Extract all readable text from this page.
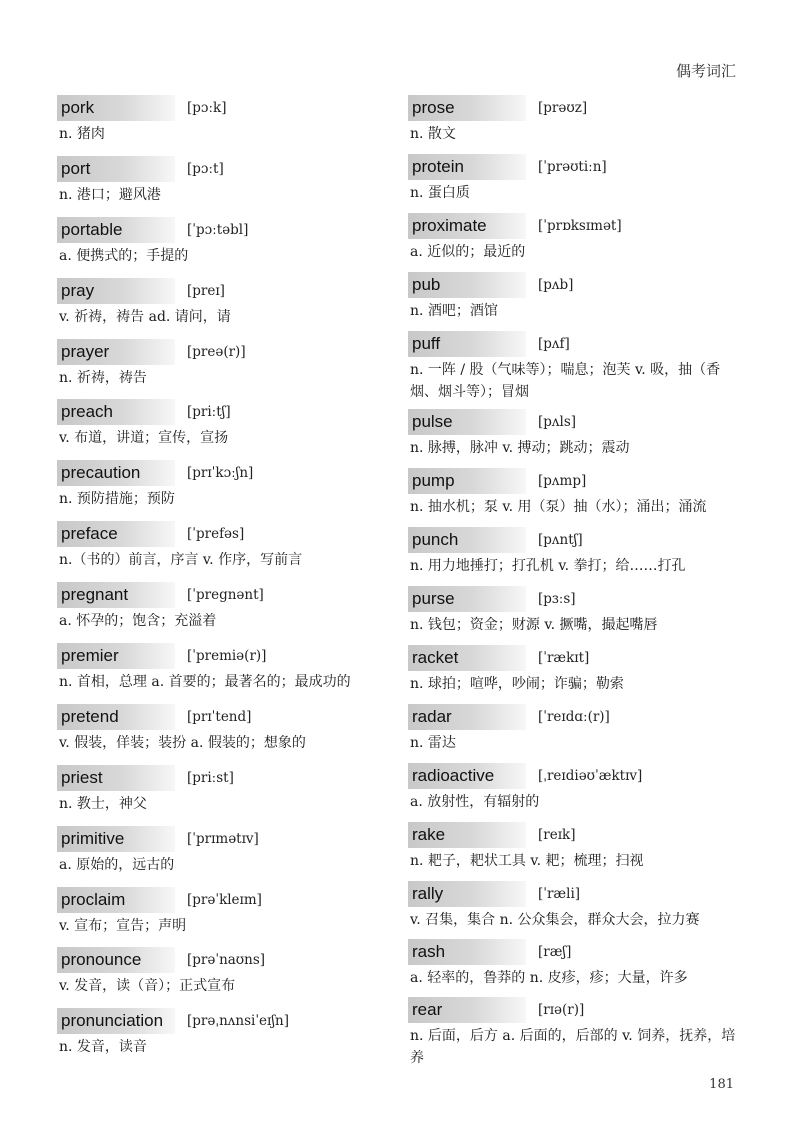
偶考词汇
pork	[pɔːk]
n. 猪肉
port	[pɔːt]
n. 港口；避风港
portable	[ˈpɔːtəbl]
a. 便携式的；手提的
pray	[preɪ]
v. 祈祷，祷告 ad. 请问，请
prayer	[preə(r)]
n. 祈祷，祷告
preach	[priːtʃ]
v. 布道，讲道；宣传，宣扬
precaution	[prɪˈkɔːʃn]
n. 预防措施；预防
preface	[ˈprefəs]
n.（书的）前言，序言 v. 作序，写前言
pregnant	[ˈpregnənt]
a. 怀孕的；饱含；充溢着
premier	[ˈpremiə(r)]
n. 首相，总理 a. 首要的；最著名的；最成功的
pretend	[prɪˈtend]
v. 假装，佯装；装扮 a. 假装的；想象的
priest	[priːst]
n. 教士，神父
primitive	[ˈprɪmətɪv]
a. 原始的，远古的
proclaim	[prəˈkleɪm]
v. 宣布；宣告；声明
pronounce	[prəˈnaʊns]
v. 发音，读（音）；正式宣布
pronunciation	[prəˌnʌnsiˈeɪʃn]
n. 发音，读音
prose	[prəʊz]
n. 散文
protein	[ˈprəʊtiːn]
n. 蛋白质
proximate	[ˈprɒksɪmət]
a. 近似的；最近的
pub	[pʌb]
n. 酒吧；酒馆
puff	[pʌf]
n. 一阵 / 股（气味等）；喘息；泡芙 v. 吸，抽（香烟、烟斗等）；冒烟
pulse	[pʌls]
n. 脉搏，脉冲 v. 搏动；跳动；震动
pump	[pʌmp]
n. 抽水机；泵 v. 用（泵）抽（水）；涌出；涌流
punch	[pʌntʃ]
n. 用力地捶打；打孔机 v. 拳打；给……打孔
purse	[pɜːs]
n. 钱包；资金；财源 v. 撅嘴，撮起嘴唇
racket	[ˈrækɪt]
n. 球拍；喧哗，吵闹；诈骗；勒索
radar	[ˈreɪdɑː(r)]
n. 雷达
radioactive	[ˌreɪdiəʊˈæktɪv]
a. 放射性，有辐射的
rake	[reɪk]
n. 耙子，耙状工具 v. 耙；梳理；扫视
rally	[ˈræli]
v. 召集，集合 n. 公众集会，群众大会，拉力赛
rash	[ræʃ]
a. 轻率的，鲁莽的 n. 皮疹，疹；大量，许多
rear	[rɪə(r)]
n. 后面，后方 a. 后面的，后部的 v. 饲养，抚养，培养
181
